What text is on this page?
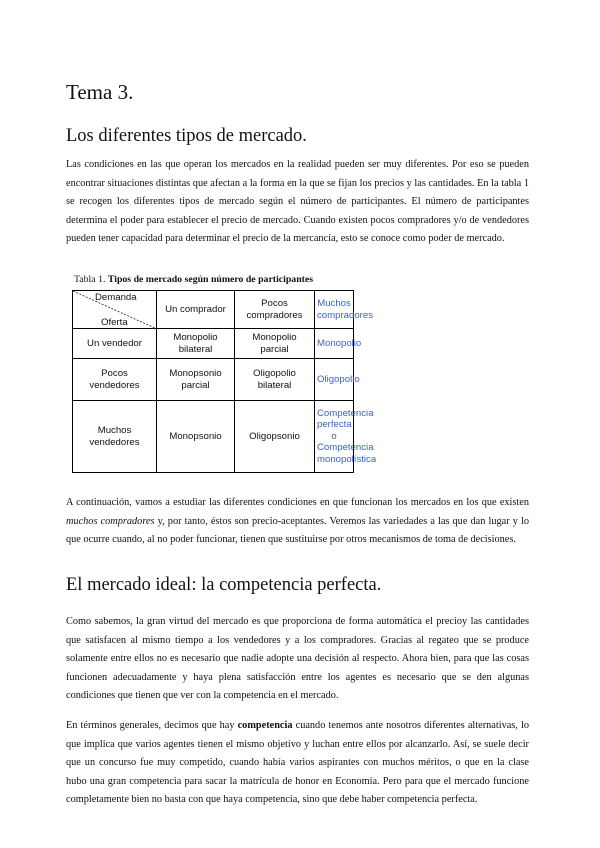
Tema 3.
Los diferentes tipos de mercado.

Las condiciones en las que operan los mercados en la realidad pueden ser muy diferentes. Por eso se pueden encontrar situaciones distintas que afectan a la forma en la que se fijan los precios y las cantidades. En la tabla 1 se recogen los diferentes tipos de mercado según el número de participantes. El número de participantes determina el poder para establecer el precio de mercado. Cuando existen pocos compradores y/o de vendedores pueden tener capacidad para determinar el precio de la mercancía, esto se conoce como poder de mercado.

Tabla 1. Tipos de mercado según número de participantes
Demanda
Oferta	Un comprador	Pocos compradores	Muchos compradores
Un vendedor	Monopolio bilateral	Monopolio parcial	Monopolio
Pocos vendedores	Monopsonio parcial	Oligopolio bilateral	Oligopolio
Muchos vendedores	Monopsonio	Oligopsonio	Competencia perfecta o Competencia monopolística

A continuación, vamos a estudiar las diferentes condiciones en que funcionan los mercados en los que existen muchos compradores y, por tanto, éstos son precio-aceptantes. Veremos las variedades a las que dan lugar y lo que ocurre cuando, al no poder funcionar, tienen que sustituirse por otros mecanismos de toma de decisiones.

El mercado ideal: la competencia perfecta.

Como sabemos, la gran virtud del mercado es que proporciona de forma automática el precioy las cantidades que satisfacen al mismo tiempo a los vendedores y a los compradores. Gracias al regateo que se produce solamente entre ellos no es necesario que nadie adopte una decisión al respecto. Ahora bien, para que las cosas funcionen adecuadamente y haya plena satisfacción entre los agentes es necesario que se den algunas condiciones que tienen que ver con la competencia en el mercado.

En términos generales, decimos que hay competencia cuando tenemos ante nosotros diferentes alternativas, lo que implica que varios agentes tienen el mismo objetivo y luchan entre ellos por alcanzarlo. Así, se suele decir que un concurso fue muy competido, cuando había varios aspirantes con muchos méritos, o que en la clase hubo una gran competencia para sacar la matrícula de honor en Economía. Pero para que el mercado funcione completamente bien no basta con que haya competencia, sino que debe haber competencia perfecta.
